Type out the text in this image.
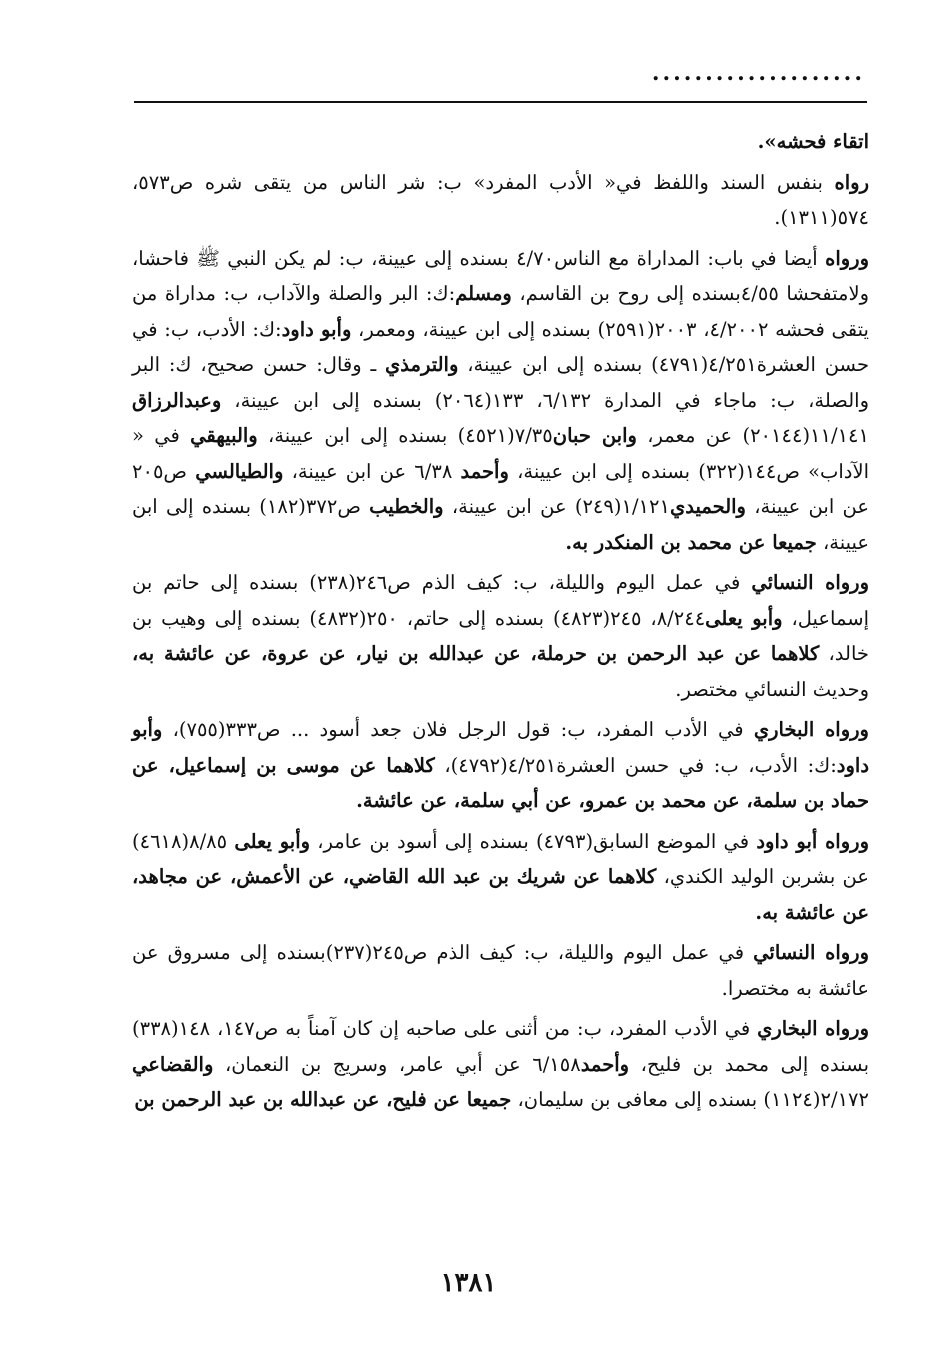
....................

اتقاء فحشه».

رواه بنفس السند واللفظ في« الأدب المفرد» ب: شر الناس من يتقى شره ص٥٧٣، ٥٧٤(١٣١١).

ورواه أيضا في باب: المداراة مع الناس٤/٧٠ بسنده إلى عيينة، ب: لم يكن النبي ﷺ فاحشا، ولامتفحشا ٤/٥٥بسنده إلى روح بن القاسم، ومسلم:ك: البر والصلة والآداب، ب: مداراة من يتقى فحشه ٤/٢٠٠٢، ٢٠٠٣(٢٥٩١) بسنده إلى ابن عيينة، ومعمر، وأبو داود:ك: الأدب، ب: في حسن العشرة٤/٢٥١(٤٧٩١) بسنده إلى ابن عيينة، والترمذي ـ وقال: حسن صحيح، ك: البر والصلة، ب: ماجاء في المدارة ٦/١٣٢، ١٣٣(٢٠٦٤) بسنده إلى ابن عيينة، وعبدالرزاق ١١/١٤١(٢٠١٤٤) عن معمر، وابن حبان٧/٣٥(٤٥٢١) بسنده إلى ابن عيينة، والبيهقي في « الآداب» ص١٤٤(٣٢٢) بسنده إلى ابن عيينة، وأحمد ٦/٣٨ عن ابن عيينة، والطيالسي ص٢٠٥ عن ابن عيينة، والحميدي١/١٢١(٢٤٩) عن ابن عيينة، والخطيب ص٣٧٢(١٨٢) بسنده إلى ابن عيينة، جميعا عن محمد بن المنكدر به.

ورواه النسائي في عمل اليوم والليلة، ب: كيف الذم ص٢٤٦(٢٣٨) بسنده إلى حاتم بن إسماعيل، وأبو يعلى٨/٢٤٤، ٢٤٥(٤٨٢٣) بسنده إلى حاتم، ٢٥٠(٤٨٣٢) بسنده إلى وهيب بن خالد، كلاهما عن عبد الرحمن بن حرملة، عن عبدالله بن نيار، عن عروة، عن عائشة به، وحديث النسائي مختصر.

ورواه البخاري في الأدب المفرد، ب: قول الرجل فلان جعد أسود ... ص٣٣٣(٧٥٥)، وأبو داود:ك: الأدب، ب: في حسن العشرة٤/٢٥١(٤٧٩٢)، كلاهما عن موسى بن إسماعيل، عن حماد بن سلمة، عن محمد بن عمرو، عن أبي سلمة، عن عائشة.

ورواه أبو داود في الموضع السابق(٤٧٩٣) بسنده إلى أسود بن عامر، وأبو يعلى ٨/٨٥(٤٦١٨) عن بشربن الوليد الكندي، كلاهما عن شريك بن عبد الله القاضي، عن الأعمش، عن مجاهد، عن عائشة به.

ورواه النسائي في عمل اليوم والليلة، ب: كيف الذم ص٢٤٥(٢٣٧)بسنده إلى مسروق عن عائشة به مختصرا.

ورواه البخاري في الأدب المفرد، ب: من أثنى على صاحبه إن كان آمناً به ص١٤٧، ١٤٨(٣٣٨) بسنده إلى محمد بن فليح، وأحمد٦/١٥٨ عن أبي عامر، وسريج بن النعمان، والقضاعي ٢/١٧٢(١١٢٤) بسنده إلى معافى بن سليمان، جميعا عن فليح، عن عبدالله بن عبد الرحمن بن

١٣٨١
